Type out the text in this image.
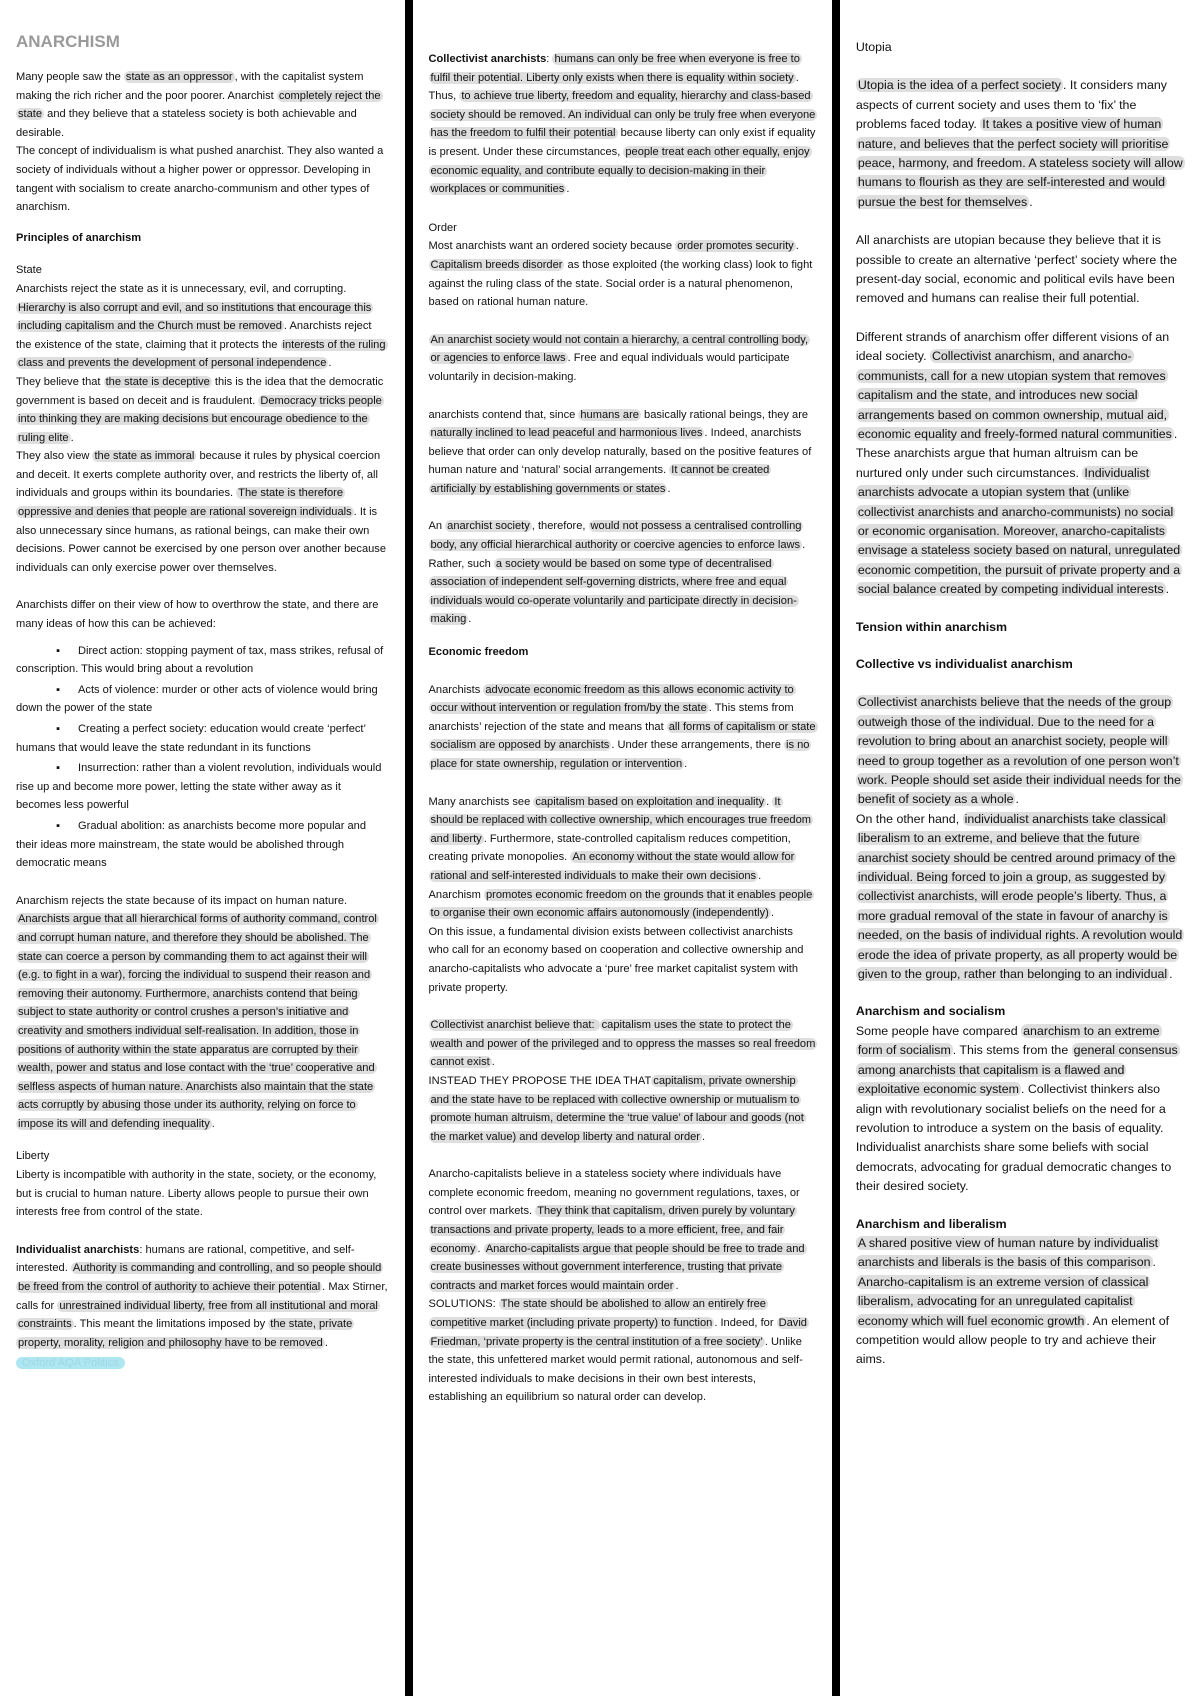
ANARCHISM

Many people saw the state as an oppressor , with the capitalist system making the rich richer and the poor poorer. Anarchist completely reject the state and they believe that a stateless society is both achievable and desirable.

The concept of individualism is what pushed anarchist. They also wanted a society of individuals without a higher power or oppressor. Developing in tangent with socialism to create anarcho-communism and other types of anarchism.

Principles of anarchism
State

Anarchists reject the state as it is unnecessary, evil, and corrupting. Hierarchy is also corrupt and evil, and so institutions that encourage this including capitalism and the Church must be removed . Anarchists reject the existence of the state, claiming that it protects the interests of the ruling class and prevents the development of personal independence .

They believe that the state is deceptive this is the idea that the democratic government is based on deceit and is fraudulent. Democracy tricks people into thinking they are making decisions but encourage obedience to the ruling elite .

They also view the state as immoral because it rules by physical coercion and deceit. It exerts complete authority over, and restricts the liberty of, all individuals and groups within its boundaries. The state is therefore oppressive and denies that people are rational sovereign individuals . It is also unnecessary since humans, as rational beings, can make their own decisions. Power cannot be exercised by one person over another because individuals can only exercise power over themselves.

Anarchists differ on their view of how to overthrow the state, and there are many ideas of how this can be achieved:

▪ Direct action: stopping payment of tax, mass strikes, refusal of conscription. This would bring about a revolution
▪ Acts of violence: murder or other acts of violence would bring down the power of the state
▪ Creating a perfect society: education would create ‘perfect’ humans that would leave the state redundant in its functions
▪ Insurrection: rather than a violent revolution, individuals would rise up and become more power, letting the state wither away as it becomes less powerful
▪ Gradual abolition: as anarchists become more popular and their ideas more mainstream, the state would be abolished through democratic means

Anarchism rejects the state because of its impact on human nature. Anarchists argue that all hierarchical forms of authority command, control and corrupt human nature, and therefore they should be abolished. The state can coerce a person by commanding them to act against their will (e.g. to fight in a war), forcing the individual to suspend their reason and removing their autonomy. Furthermore, anarchists contend that being subject to state authority or control crushes a person’s initiative and creativity and smothers individual self-realisation. In addition, those in positions of authority within the state apparatus are corrupted by their wealth, power and status and lose contact with the ‘true’ cooperative and selfless aspects of human nature. Anarchists also maintain that the state acts corruptly by abusing those under its authority, relying on force to impose its will and defending inequality .

Liberty

Liberty is incompatible with authority in the state, society, or the economy, but is crucial to human nature. Liberty allows people to pursue their own interests free from control of the state.

Individualist anarchists: humans are rational, competitive, and self-interested. Authority is commanding and controlling, and so people should be freed from the control of authority to achieve their potential . Max Stirner, calls for unrestrained individual liberty, free from all institutional and moral constraints . This meant the limitations imposed by the state, private property, morality, religion and philosophy have to be removed .

Oxford AQA Politics

Collectivist anarchists: humans can only be free when everyone is free to fulfil their potential. Liberty only exists when there is equality within society . Thus, to achieve true liberty, freedom and equality, hierarchy and class-based society should be removed. An individual can only be truly free when everyone has the freedom to fulfil their potential because liberty can only exist if equality is present. Under these circumstances, people treat each other equally, enjoy economic equality, and contribute equally to decision-making in their workplaces or communities .

Order

Most anarchists want an ordered society because order promotes security . Capitalism breeds disorder as those exploited (the working class) look to fight against the ruling class of the state. Social order is a natural phenomenon, based on rational human nature.

An anarchist society would not contain a hierarchy, a central controlling body, or agencies to enforce laws . Free and equal individuals would participate voluntarily in decision-making.

anarchists contend that, since humans are basically rational beings, they are naturally inclined to lead peaceful and harmonious lives . Indeed, anarchists believe that order can only develop naturally, based on the positive features of human nature and ‘natural’ social arrangements. It cannot be created artificially by establishing governments or states .

An anarchist society , therefore, would not possess a centralised controlling body, any official hierarchical authority or coercive agencies to enforce laws . Rather, such a society would be based on some type of decentralised association of independent self-governing districts, where free and equal individuals would co-operate voluntarily and participate directly in decision-making .

Economic freedom

Anarchists advocate economic freedom as this allows economic activity to occur without intervention or regulation from/by the state . This stems from anarchists’ rejection of the state and means that all forms of capitalism or state socialism are opposed by anarchists . Under these arrangements, there is no place for state ownership, regulation or intervention .

Many anarchists see capitalism based on exploitation and inequality . It should be replaced with collective ownership, which encourages true freedom and liberty . Furthermore, state-controlled capitalism reduces competition, creating private monopolies. An economy without the state would allow for rational and self-interested individuals to make their own decisions .

Anarchism promotes economic freedom on the grounds that it enables people to organise their own economic affairs autonomously (independently) .

On this issue, a fundamental division exists between collectivist anarchists who call for an economy based on cooperation and collective ownership and anarcho-capitalists who advocate a ‘pure’ free market capitalist system with private property.

Collectivist anarchist believe that: capitalism uses the state to protect the wealth and power of the privileged and to oppress the masses so real freedom cannot exist .

INSTEAD THEY PROPOSE THE IDEA THAT capitalism, private ownership and the state have to be replaced with collective ownership or mutualism to promote human altruism, determine the ‘true value’ of labour and goods (not the market value) and develop liberty and natural order .

Anarcho-capitalists believe in a stateless society where individuals have complete economic freedom, meaning no government regulations, taxes, or control over markets. They think that capitalism, driven purely by voluntary transactions and private property, leads to a more efficient, free, and fair economy . Anarcho-capitalists argue that people should be free to trade and create businesses without government interference, trusting that private contracts and market forces would maintain order .

SOLUTIONS: The state should be abolished to allow an entirely free competitive market (including private property) to function . Indeed, for David Friedman, ‘private property is the central institution of a free society’ . Unlike the state, this unfettered market would permit rational, autonomous and self-interested individuals to make decisions in their own best interests, establishing an equilibrium so natural order can develop.

Utopia

Utopia is the idea of a perfect society . It considers many aspects of current society and uses them to ‘fix’ the problems faced today. It takes a positive view of human nature, and believes that the perfect society will prioritise peace, harmony, and freedom. A stateless society will allow humans to flourish as they are self-interested and would pursue the best for themselves .

All anarchists are utopian because they believe that it is possible to create an alternative ‘perfect’ society where the present-day social, economic and political evils have been removed and humans can realise their full potential.

Different strands of anarchism offer different visions of an ideal society. Collectivist anarchism, and anarcho-communists, call for a new utopian system that removes capitalism and the state, and introduces new social arrangements based on common ownership, mutual aid, economic equality and freely-formed natural communities . These anarchists argue that human altruism can be nurtured only under such circumstances. Individualist anarchists advocate a utopian system that (unlike collectivist anarchists and anarcho-communists) no social or economic organisation. Moreover, anarcho-capitalists envisage a stateless society based on natural, unregulated economic competition, the pursuit of private property and a social balance created by competing individual interests .

Tension within anarchism
Collective vs individualist anarchism

Collectivist anarchists believe that the needs of the group outweigh those of the individual. Due to the need for a revolution to bring about an anarchist society, people will need to group together as a revolution of one person won’t work. People should set aside their individual needs for the benefit of society as a whole .

On the other hand, individualist anarchists take classical liberalism to an extreme, and believe that the future anarchist society should be centred around primacy of the individual. Being forced to join a group, as suggested by collectivist anarchists, will erode people’s liberty. Thus, a more gradual removal of the state in favour of anarchy is needed, on the basis of individual rights. A revolution would erode the idea of private property, as all property would be given to the group, rather than belonging to an individual .

Anarchism and socialism

Some people have compared anarchism to an extreme form of socialism . This stems from the general consensus among anarchists that capitalism is a flawed and exploitative economic system . Collectivist thinkers also align with revolutionary socialist beliefs on the need for a revolution to introduce a system on the basis of equality. Individualist anarchists share some beliefs with social democrats, advocating for gradual democratic changes to their desired society.

Anarchism and liberalism

A shared positive view of human nature by individualist anarchists and liberals is the basis of this comparison . Anarcho-capitalism is an extreme version of classical liberalism, advocating for an unregulated capitalist economy which will fuel economic growth . An element of competition would allow people to try and achieve their aims.
